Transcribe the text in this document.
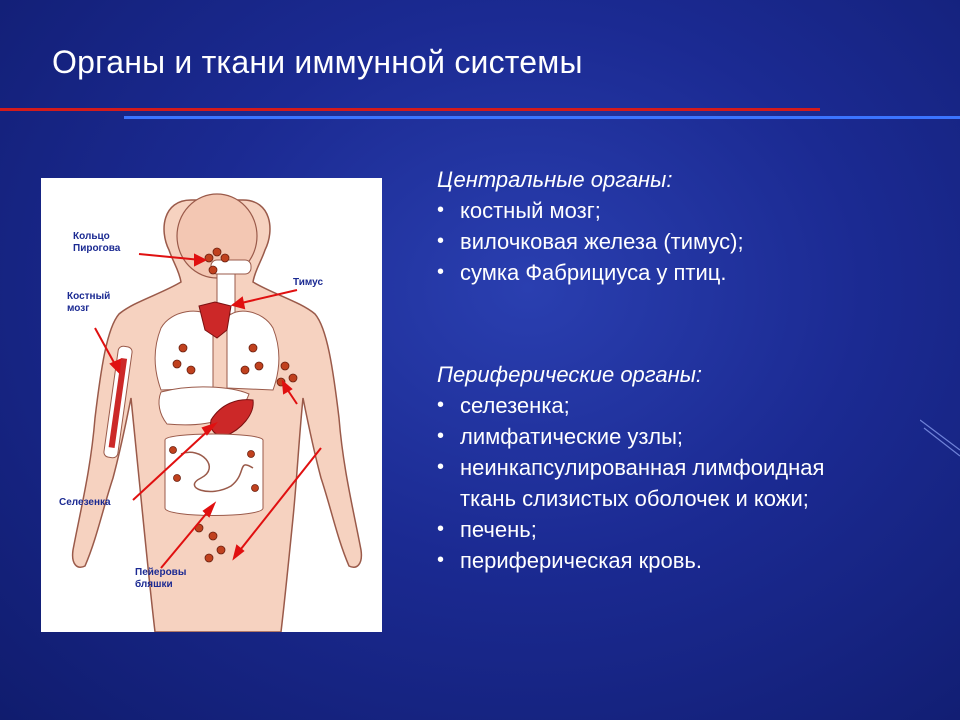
Органы и ткани иммунной системы
Кольцо
Пирогова
Тимус
Костный
мозг
Селезенка
Пейеровы
бляшки
Центральные органы:
• костный мозг;
• вилочковая железа (тимус);
• сумка Фабрициуса у птиц.
Периферические органы:
• селезенка;
• лимфатические узлы;
• неинкапсулированная лимфоидная ткань слизистых оболочек и кожи;
• печень;
• периферическая кровь.
